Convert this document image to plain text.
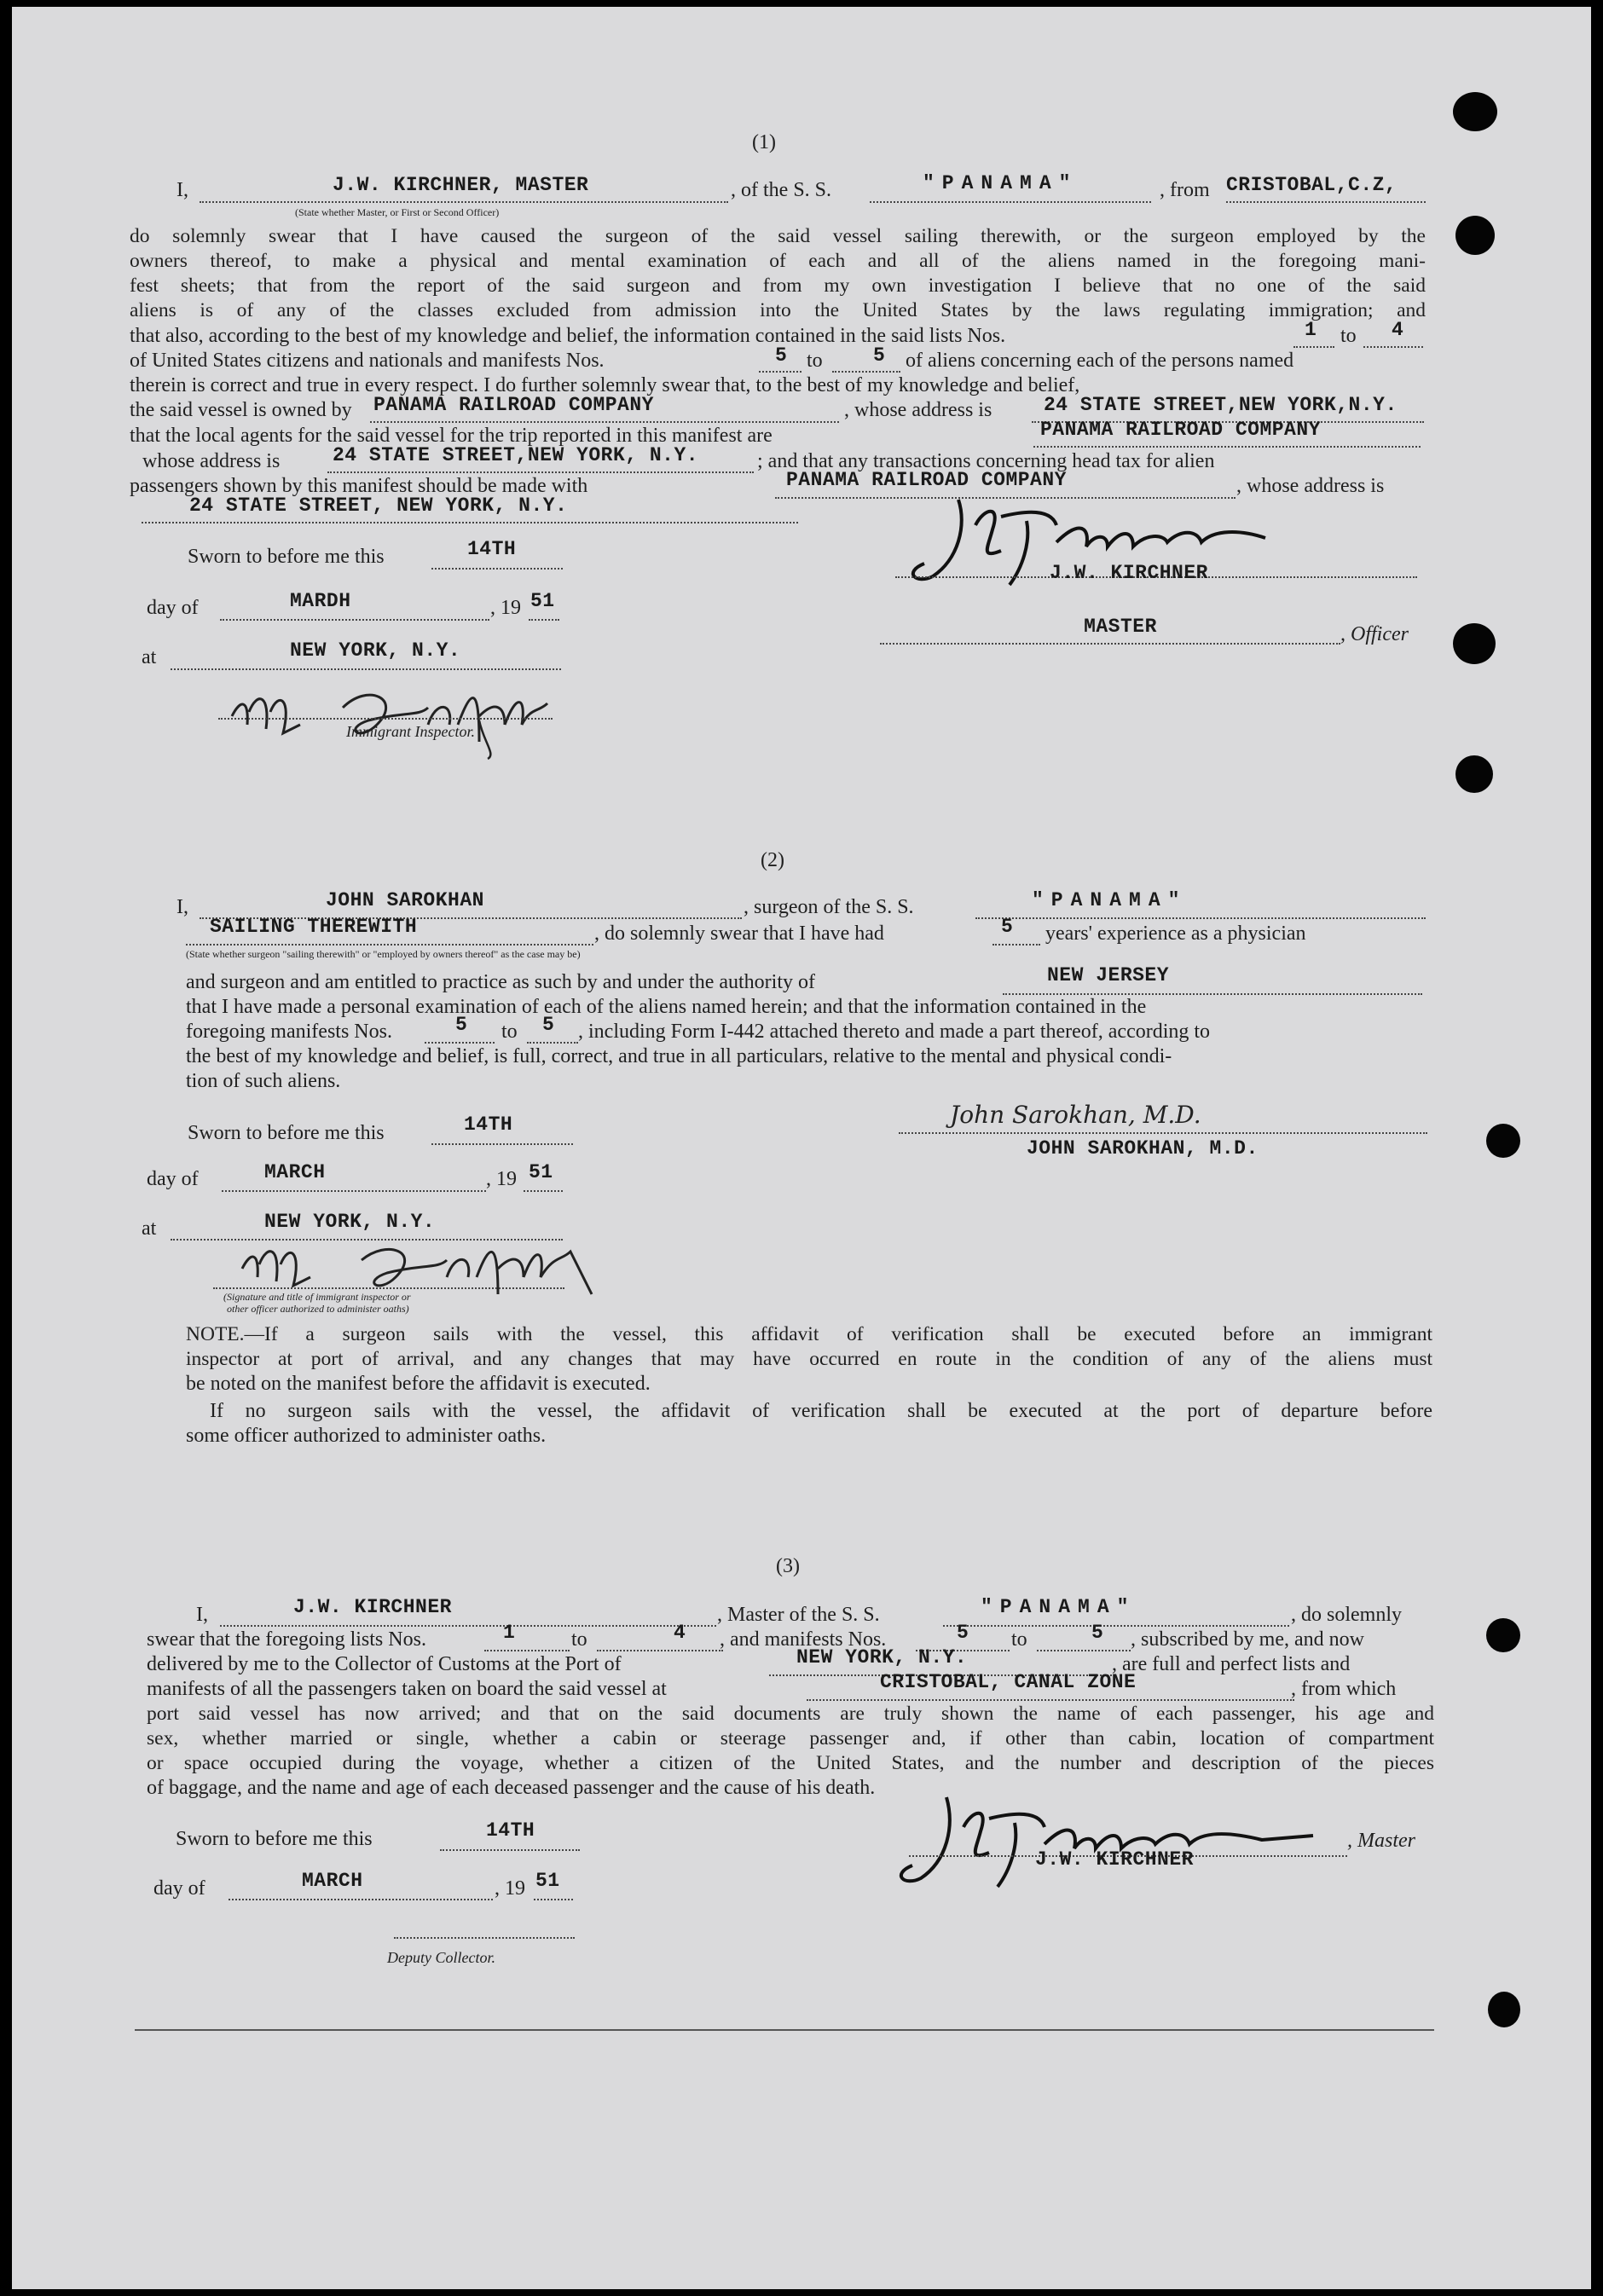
(1)
I,	J.W. KIRCHNER, MASTER
(State whether Master, or First or Second Officer)
, of the S. S.	"PANAMA"	, from CRISTOBAL,C.Z,
do solemnly swear that I have caused the surgeon of the said vessel sailing therewith, or the surgeon employed by the
owners thereof, to make a physical and mental examination of each and all of the aliens named in the foregoing mani-
fest sheets; that from the report of the said surgeon and from my own investigation I believe that no one of the said
aliens is of any of the classes excluded from admission into the United States by the laws regulating immigration; and
that also, according to the best of my knowledge and belief, the information contained in the said lists Nos.	1 to 4
of United States citizens and nationals and manifests Nos.	5 to	5 of aliens concerning each of the persons named
therein is correct and true in every respect. I do further solemnly swear that, to the best of my knowledge and belief,
the said vessel is owned by PANAMA RAILROAD COMPANY	, whose address is	24 STATE STREET,NEW YORK,N.Y.
that the local agents for the said vessel for the trip reported in this manifest are	PANAMA RAILROAD COMPANY
whose address is	24 STATE STREET,NEW YORK, N.Y.	; and that any transactions concerning head tax for alien
passengers shown by this manifest should be made with	PANAMA RAILROAD COMPANY	, whose address is
24 STATE STREET, NEW YORK, N.Y.
Sworn to before me this	14TH
day of	MARDH	, 19 51
at	NEW YORK, N.Y.
Immigrant Inspector.
J.W. KIRCHNER
MASTER	, Officer
(2)
I,	JOHN SAROKHAN	, surgeon of the S. S.	"PANAMA"
SAILING THEREWITH	, do solemnly swear that I have had	5 years' experience as a physician
(State whether surgeon "sailing therewith" or "employed by owners thereof" as the case may be)
and surgeon and am entitled to practice as such by and under the authority of	NEW JERSEY
that I have made a personal examination of each of the aliens named herein; and that the information contained in the
foregoing manifests Nos.	5 to 5 , including Form I-442 attached thereto and made a part thereof, according to
the best of my knowledge and belief, is full, correct, and true in all particulars, relative to the mental and physical condi-
tion of such aliens.
Sworn to before me this	14TH
day of	MARCH	, 19 51
at	NEW YORK, N.Y.
(Signature and title of immigrant inspector or
other officer authorized to administer oaths)
John Sarokhan, M.D.
JOHN SAROKHAN, M.D.
NOTE.—If a surgeon sails with the vessel, this affidavit of verification shall be executed before an immigrant
inspector at port of arrival, and any changes that may have occurred en route in the condition of any of the aliens must
be noted on the manifest before the affidavit is executed.
If no surgeon sails with the vessel, the affidavit of verification shall be executed at the port of departure before
some officer authorized to administer oaths.
(3)
I,	J.W. KIRCHNER	, Master of the S. S.	"PANAMA"	, do solemnly
swear that the foregoing lists Nos.	1	to	4 , and manifests Nos.	5 to	5 , subscribed by me, and now
delivered by me to the Collector of Customs at the Port of	NEW YORK, N.Y.	, are full and perfect lists and
manifests of all the passengers taken on board the said vessel at	CRISTOBAL, CANAL ZONE	, from which
port said vessel has now arrived; and that on the said documents are truly shown the name of each passenger, his age and
sex, whether married or single, whether a cabin or steerage passenger and, if other than cabin, location of compartment
or space occupied during the voyage, whether a citizen of the United States, and the number and description of the pieces
of baggage, and the name and age of each deceased passenger and the cause of his death.
Sworn to before me this	14TH
day of	MARCH	, 19 51
Deputy Collector.
, Master
J.W. KIRCHNER
